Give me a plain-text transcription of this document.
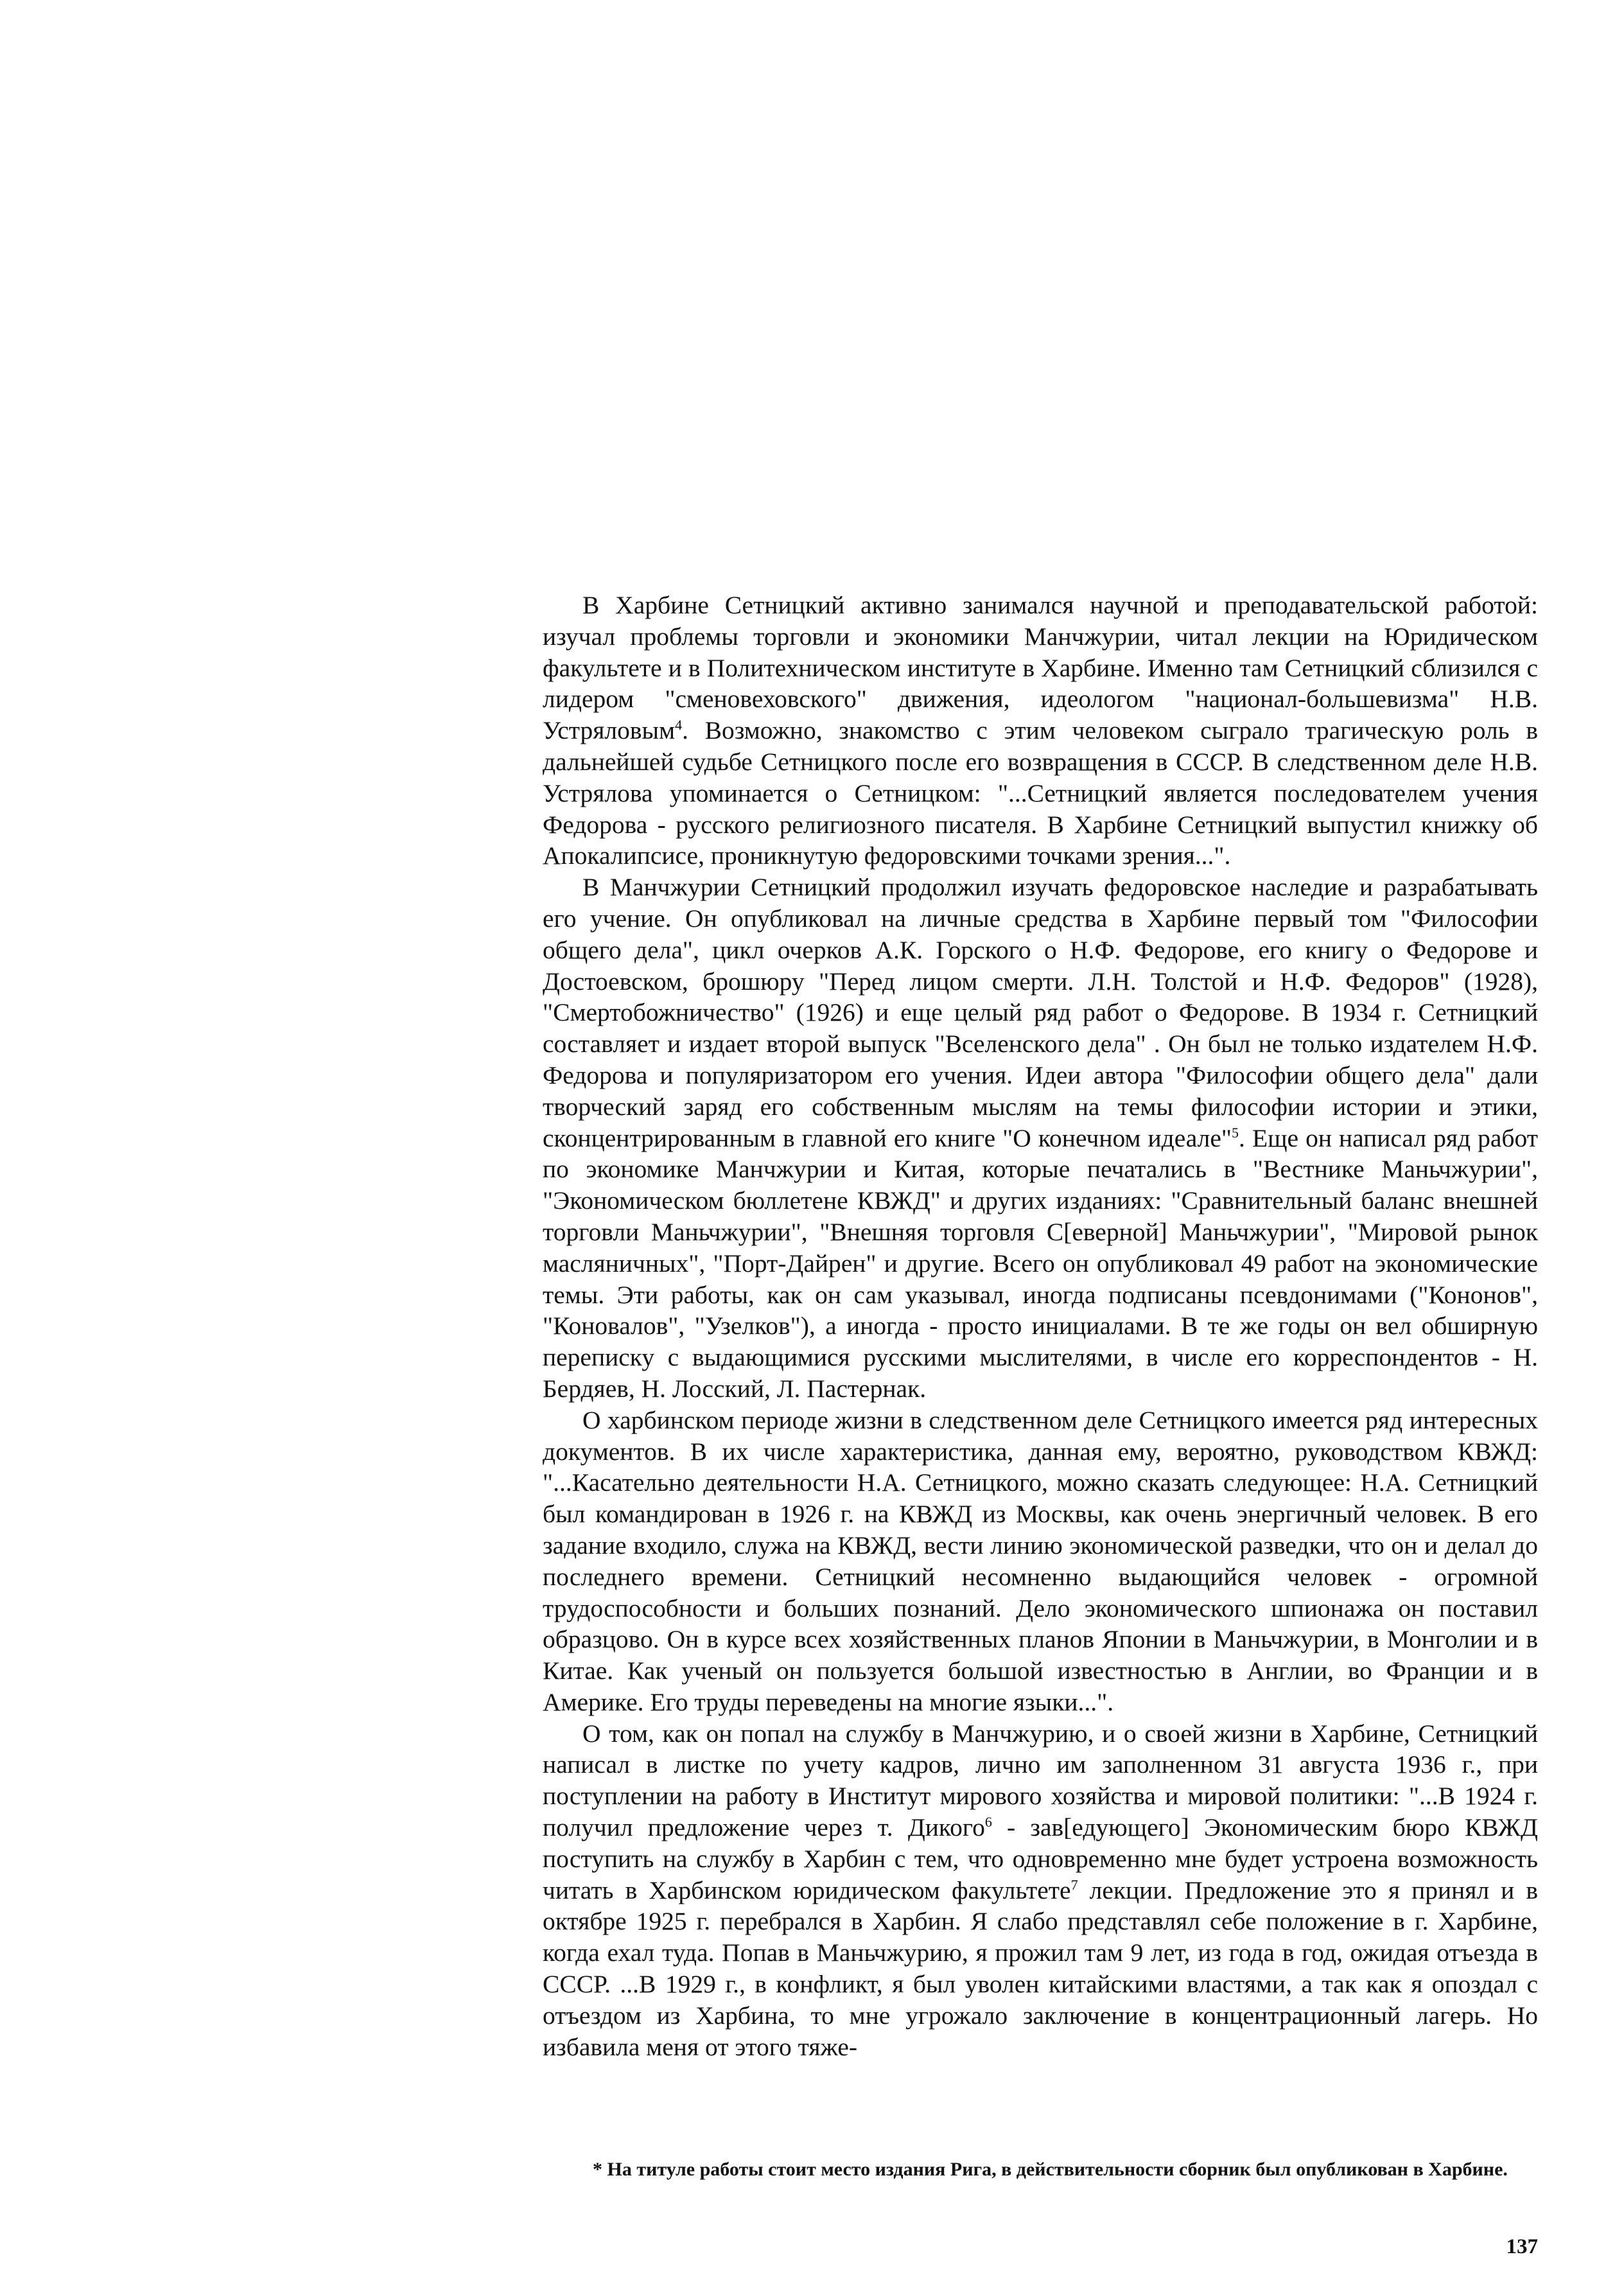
В Харбине Сетницкий активно занимался научной и преподавательской работой: изучал проблемы торговли и экономики Манчжурии, читал лекции на Юридическом факультете и в Политехническом институте в Харбине. Именно там Сетницкий сблизился с лидером "сменовеховского" движения, идеологом "национал-большевизма" Н.В. Устряловым$^4$. Возможно, знакомство с этим человеком сыграло трагическую роль в дальнейшей судьбе Сетницкого после его возвращения в СССР. В следственном деле Н.В. Устрялова упоминается о Сетницком: "...Сетницкий является последователем учения Федорова - русского религиозного писателя. В Харбине Сетницкий выпустил книжку об Апокалипсисе, проникнутую федоровскими точками зрения...".

В Манчжурии Сетницкий продолжил изучать федоровское наследие и разрабатывать его учение. Он опубликовал на личные средства в Харбине первый том "Философии общего дела", цикл очерков А.К. Горского о Н.Ф. Федорове, его книгу о Федорове и Достоевском, брошюру "Перед лицом смерти. Л.Н. Толстой и Н.Ф. Федоров" (1928), "Смертобожничество" (1926) и еще целый ряд работ о Федорове. В 1934 г. Сетницкий составляет и издает второй выпуск "Вселенского дела" . Он был не только издателем Н.Ф. Федорова и популяризатором его учения. Идеи автора "Философии общего дела" дали творческий заряд его собственным мыслям на темы философии истории и этики, сконцентрированным в главной его книге "О конечном идеале"$^5$. Еще он написал ряд работ по экономике Манчжурии и Китая, которые печатались в "Вестнике Маньчжурии", "Экономическом бюллетене КВЖД" и других изданиях: "Сравнительный баланс внешней торговли Маньчжурии", "Внешняя торговля С[еверной] Маньчжурии", "Мировой рынок масляничных", "Порт-Дайрен" и другие. Всего он опубликовал 49 работ на экономические темы. Эти работы, как он сам указывал, иногда подписаны псевдонимами ("Кононов", "Коновалов", "Узелков"), а иногда - просто инициалами. В те же годы он вел обширную переписку с выдающимися русскими мыслителями, в числе его корреспондентов - Н. Бердяев, Н. Лосский, Л. Пастернак.

О харбинском периоде жизни в следственном деле Сетницкого имеется ряд интересных документов. В их числе характеристика, данная ему, вероятно, руководством КВЖД: "...Касательно деятельности Н.А. Сетницкого, можно сказать следующее: Н.А. Сетницкий был командирован в 1926 г. на КВЖД из Москвы, как очень энергичный человек. В его задание входило, служа на КВЖД, вести линию экономической разведки, что он и делал до последнего времени. Сетницкий несомненно выдающийся человек - огромной трудоспособности и больших познаний. Дело экономического шпионажа он поставил образцово. Он в курсе всех хозяйственных планов Японии в Маньчжурии, в Монголии и в Китае. Как ученый он пользуется большой известностью в Англии, во Франции и в Америке. Его труды переведены на многие языки...".

О том, как он попал на службу в Манчжурию, и о своей жизни в Харбине, Сетницкий написал в листке по учету кадров, лично им заполненном 31 августа 1936 г., при поступлении на работу в Институт мирового хозяйства и мировой политики: "...В 1924 г. получил предложение через т. Дикого$^6$ - зав[едующего] Экономическим бюро КВЖД поступить на службу в Харбин с тем, что одновременно мне будет устроена возможность читать в Харбинском юридическом факультете$^7$ лекции. Предложение это я принял и в октябре 1925 г. перебрался в Харбин. Я слабо представлял себе положение в г. Харбине, когда ехал туда. Попав в Маньчжурию, я прожил там 9 лет, из года в год, ожидая отъезда в СССР. ...В 1929 г., в конфликт, я был уволен китайскими властями, а так как я опоздал с отъездом из Харбина, то мне угрожало заключение в концентрационный лагерь. Но избавила меня от этого тяже-

* На титуле работы стоит место издания Рига, в действительности сборник был опубликован в Харбине.
137
